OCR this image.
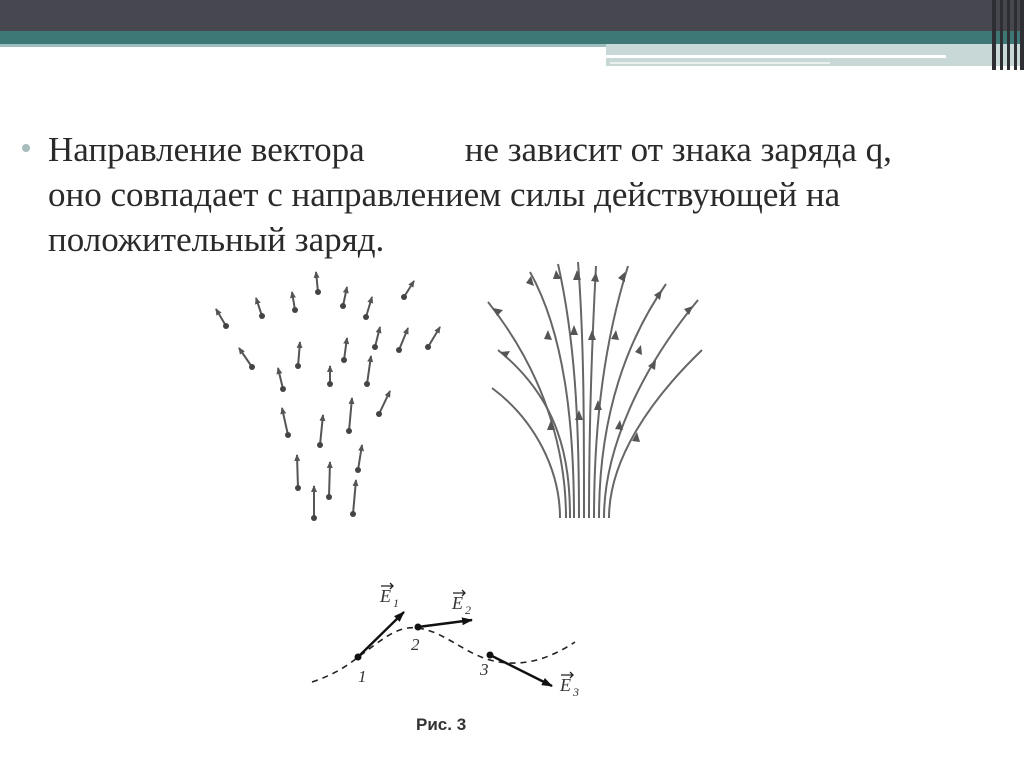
Направление вектора	не зависит от знака заряда q, оно совпадает с направлением силы действующей на положительный заряд.
1
2
3
E 1	E 2
E 3
Рис. 3
